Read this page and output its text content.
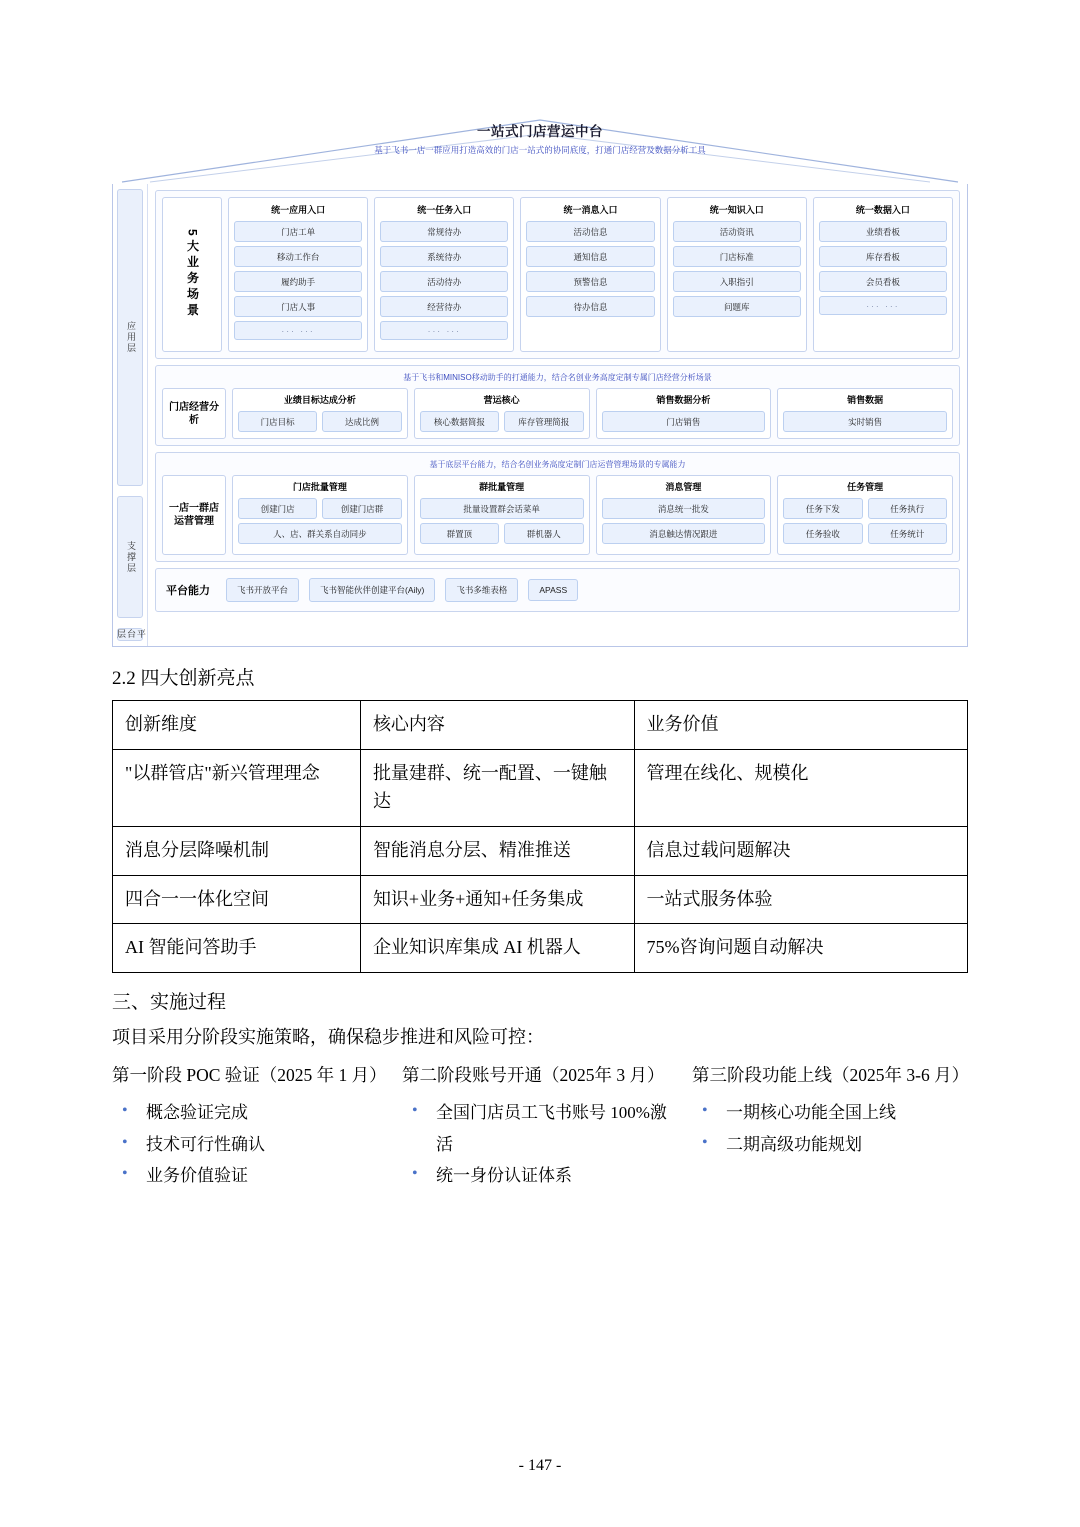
一站式门店营运中台
基于飞书一店一群应用打造高效的门店一站式的协同底度，打通门店经营及数据分析工具
应用层
支撑层
平台层
5大业务场景
统一应用入口
门店工单
移动工作台
履约助手
门店人事
··· ···
统一任务入口
常规待办
系统待办
活动待办
经营待办
··· ···
统一消息入口
活动信息
通知信息
预警信息
待办信息
统一知识入口
活动资讯
门店标准
入职指引
问题库
统一数据入口
业绩看板
库存看板
会员看板
··· ···
基于飞书和MINISO移动助手的打通能力，结合名创业务高度定制专属门店经营分析场景
门店经营分析
业绩目标达成分析
门店目标	达成比例
营运核心
核心数据简报	库存管理简报
销售数据分析
门店销售
销售数据
实时销售
基于底层平台能力，结合名创业务高度定制门店运营管理场景的专属能力
一店一群店运营管理
门店批量管理
创建门店	创建门店群
人、店、群关系自动同步
群批量管理
批量设置群会话菜单
群置顶	群机器人
消息管理
消息统一批发
消息触达情况跟进
任务管理
任务下发	任务执行
任务验收	任务统计
平台能力	飞书开放平台	飞书智能伙伴创建平台(Aily)	飞书多维表格	APASS
2.2 四大创新亮点
创新维度	核心内容	业务价值
"以群管店"新兴管理理念	批量建群、统一配置、一键触达	管理在线化、规模化
消息分层降噪机制	智能消息分层、精准推送	信息过载问题解决
四合一一体化空间	知识+业务+通知+任务集成	一站式服务体验
AI 智能问答助手	企业知识库集成 AI 机器人	75%咨询问题自动解决
三、实施过程

项目采用分阶段实施策略，确保稳步推进和风险可控：

第一阶段 POC 验证（2025 年 1 月）
• 概念验证完成
• 技术可行性确认
• 业务价值验证
第二阶段账号开通（2025年 3 月）
• 全国门店员工飞书账号 100%激活
• 统一身份认证体系
第三阶段功能上线（2025年 3-6 月）
• 一期核心功能全国上线
• 二期高级功能规划
- 147 -
